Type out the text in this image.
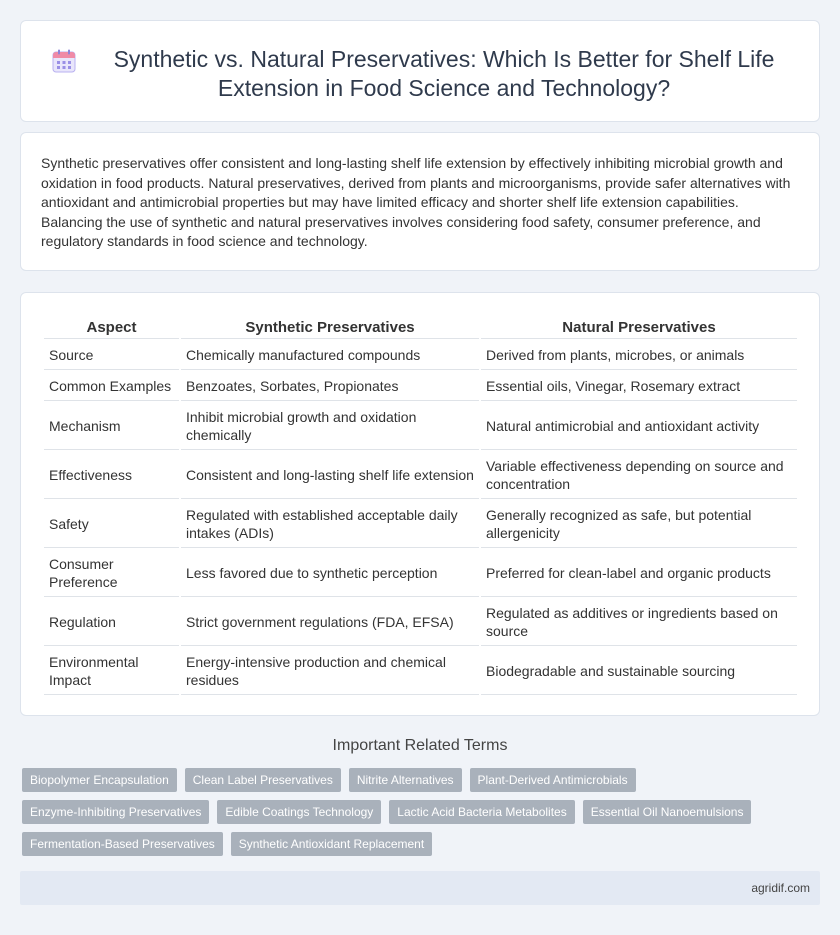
Synthetic vs. Natural Preservatives: Which Is Better for Shelf Life Extension in Food Science and Technology?

Synthetic preservatives offer consistent and long-lasting shelf life extension by effectively inhibiting microbial growth and oxidation in food products. Natural preservatives, derived from plants and microorganisms, provide safer alternatives with antioxidant and antimicrobial properties but may have limited efficacy and shorter shelf life extension capabilities. Balancing the use of synthetic and natural preservatives involves considering food safety, consumer preference, and regulatory standards in food science and technology.

Aspect	Synthetic Preservatives	Natural Preservatives
Source	Chemically manufactured compounds	Derived from plants, microbes, or animals
Common Examples	Benzoates, Sorbates, Propionates	Essential oils, Vinegar, Rosemary extract
Mechanism	Inhibit microbial growth and oxidation chemically	Natural antimicrobial and antioxidant activity
Effectiveness	Consistent and long-lasting shelf life extension	Variable effectiveness depending on source and concentration
Safety	Regulated with established acceptable daily intakes (ADIs)	Generally recognized as safe, but potential allergenicity
Consumer Preference	Less favored due to synthetic perception	Preferred for clean-label and organic products
Regulation	Strict government regulations (FDA, EFSA)	Regulated as additives or ingredients based on source
Environmental Impact	Energy-intensive production and chemical residues	Biodegradable and sustainable sourcing
Important Related Terms
Biopolymer Encapsulation	Clean Label Preservatives	Nitrite Alternatives	Plant-Derived Antimicrobials
Enzyme-Inhibiting Preservatives	Edible Coatings Technology	Lactic Acid Bacteria Metabolites	Essential Oil Nanoemulsions
Fermentation-Based Preservatives	Synthetic Antioxidant Replacement
agridif.com
